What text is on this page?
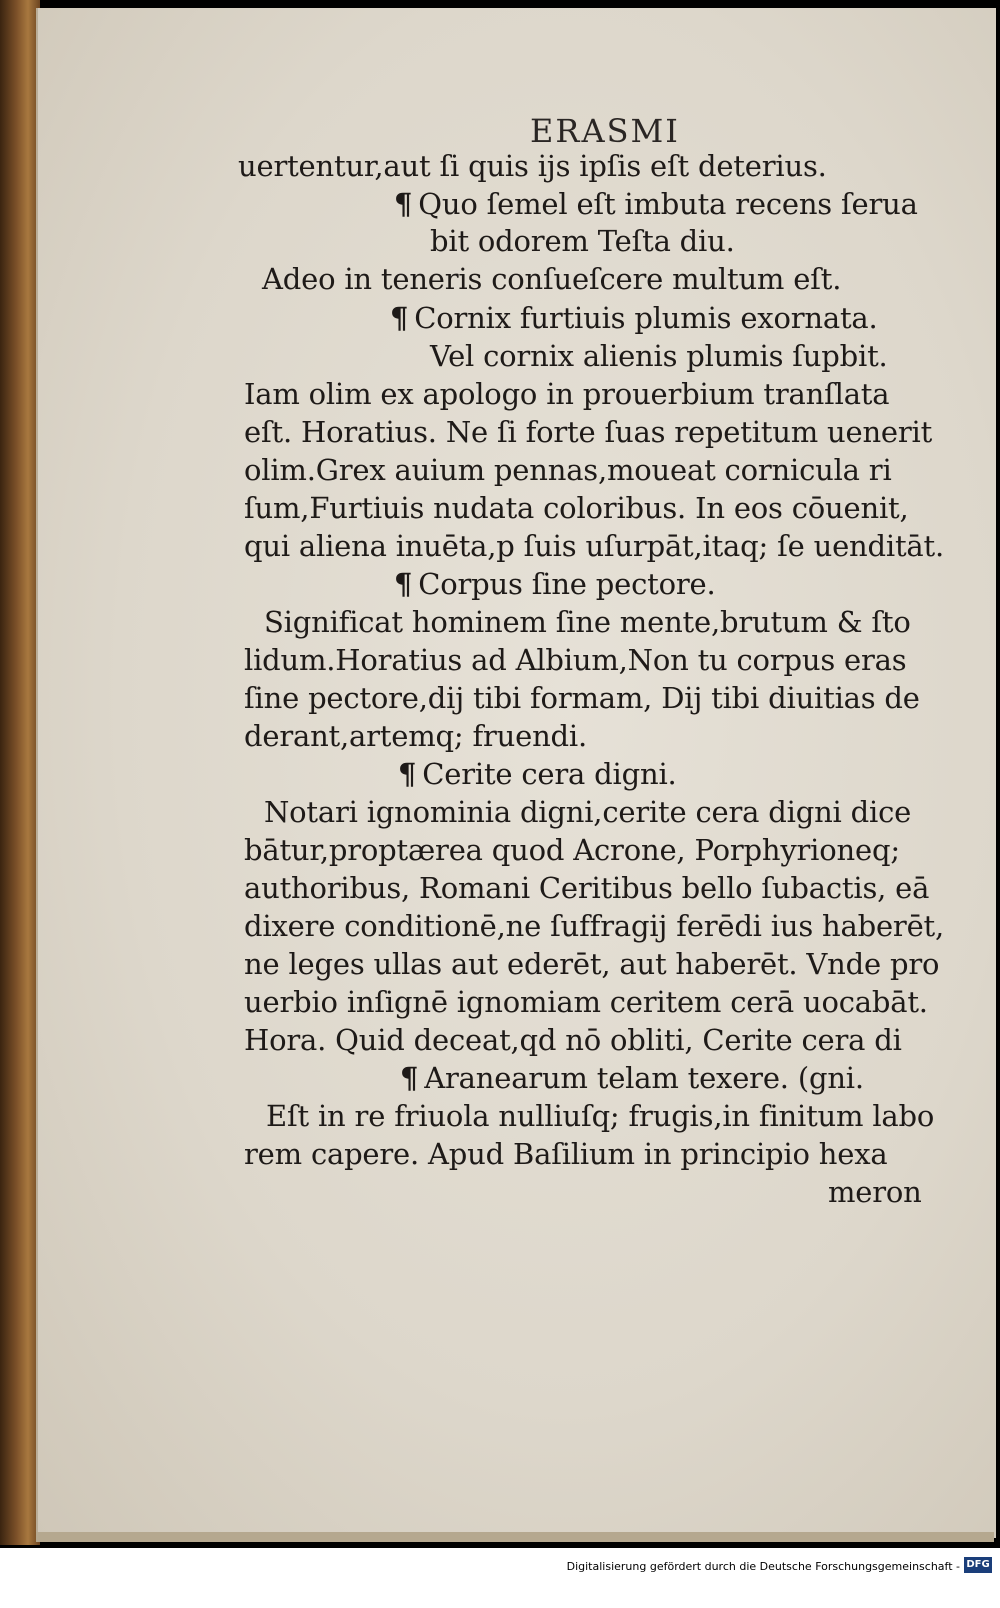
ERASMI
uertentur,aut ſi quis ijs ipſis eſt deterius.
¶ Quo ſemel eſt imbuta recens ſerua
bit odorem Teſta diu.
Adeo in teneris conſueſcere multum eſt.
¶ Cornix furtiuis plumis exornata.
Vel cornix alienis plumis ſupbit.
Iam olim ex apologo in prouerbium tranſlata
eſt. Horatius. Ne ſi forte ſuas repetitum uenerit
olim.Grex auium pennas,moueat cornicula ri
ſum,Furtiuis nudata coloribus. In eos cōuenit,
qui aliena inuēta,p ſuis uſurpāt,itaq; ſe uenditāt.
¶ Corpus ſine pectore.
Significat hominem ſine mente,brutum & ſto
lidum.Horatius ad Albium,Non tu corpus eras
ſine pectore,dij tibi formam, Dij tibi diuitias de
derant,artemq; fruendi.
¶ Cerite cera digni.
Notari ignominia digni,cerite cera digni dice
bātur,proptærea quod Acrone, Porphyrioneq;
authoribus, Romani Ceritibus bello ſubactis, eā
dixere conditionē,ne ſuffragij ferēdi ius haberēt,
ne leges ullas aut ederēt, aut haberēt. Vnde pro
uerbio inſignē ignomiam ceritem cerā uocabāt.
Hora. Quid deceat,qd nō obliti, Cerite cera di
¶ Aranearum telam texere. (gni.
Eſt in re friuola nulliuſq; frugis,in finitum labo
rem capere. Apud Baſilium in principio hexa
meron
Digitalisierung gefördert durch die Deutsche Forschungsgemeinschaft - DFG
